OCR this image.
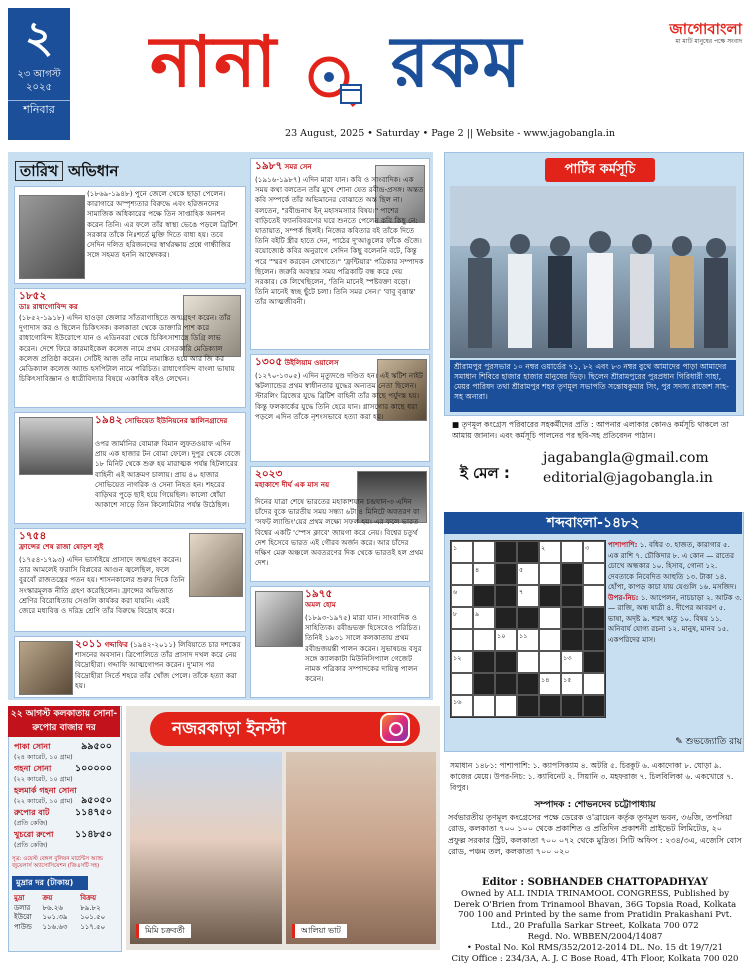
২
২৩ আগস্ট ২০২৫
শনিবার
নানা রকম	জাগোবাংলা
মা মাটি মানুষের পক্ষে সংবাদ
23 August, 2025 • Saturday • Page 2 || Website - www.jagobangla.in
তারিখ অভিধান

(১৮৬৯-১৯৪৮) পুনে জেলে থেকে ছাড়া পেলেন। কারাগারে অস্পৃশ্যতার বিরুদ্ধে এবং হরিজনদের সামাজিক অধিকারের পক্ষে তিন সাপ্তাহিক অনশন করেন তিনি। এর ফলে তাঁর স্বাস্থ্য ভেঙে পড়লে ব্রিটিশ সরকার তাঁকে নিঃশর্তে মুক্তি দিতে বাধ্য হয়। তবে সেদিন দলিত হরিজনদের স্বার্থরক্ষায় প্রশ্নে গান্ধীজির সঙ্গে সহমত হননি আম্বেদকর।

১৮৫২
ডাঃ রাধাগোবিন্দ কর

(১৮৫২-১৯১৮) এদিন হাওড়া জেলার সাঁতরাগাছিতে জন্মগ্রহণ করেন। তাঁর দুগাদাস কর ও ছিলেন চিকিৎসক। কলকাতা থেকে ডাক্তারি পাশ করে রাধাগোবিন্দ ইউরোপে যান ও এডিনবরা থেকে চিকিৎসাশাস্ত্রে ডিগ্রি লাভ করেন। দেশে ফিরে কারমাইকেল কলেজ নামে প্রথম বেসরকারি মেডিক্যাল কলেজ প্রতিষ্ঠা করেন। সেটিই আজ তাঁর নামে নামাঙ্কিত হয়ে আর জি কর মেডিক্যাল কলেজ অ্যান্ড হসপিটাল নামে পরিচিত। রাধাগোবিন্দ বাংলা ভাষায় চিকিৎসাবিজ্ঞান ও ধাত্রীবিদ্যার বিষয়ে একাধিক বইও লেখেন।

১৯৪২ সোভিয়েত ইউনিয়নের স্তালিনগ্রাদের

ওপর জার্মানির বোমারু বিমান লুফতওয়াফ এদিন প্রায় এক হাজার টন বোমা ফেলে। দুপুর থেকে বেজে ১৮ মিনিট থেকে শুরু হয় মারাত্মক পর্যন্ত হিটলারের বাহিনী এই আক্রমণ চালায়। প্রায় ৪০ হাজার সোভিয়েত নাগরিক ও সেনা নিহত হন। শহরের বাড়িঘর পুড়ে ছাই হয়ে গিয়েছিল। কালো ধোঁয়া আকাশে সাড়ে তিন কিলোমিটার পর্যন্ত উঠেছিল।

১৭৫৪
ফ্রান্সের শেষ রাজা ষোড়শ লুই

(১৭৫৪-১৭৯৩) এদিন ভার্সাইয়ে প্রাসাদে জন্মগ্রহণ করেন। তার আমলেই ফরাসি বিপ্লবের আগুন জ্বলেছিল, ফলে বুরবোঁ রাজতন্ত্রের পতন হয়। শাসনকালের শুরুর দিকে তিনি সংস্কারমূলক নীতি গ্রহণ করেছিলেন। ফ্রান্সের অভিজাত শ্রেণির বিরোধিতায় সেগুলি কার্যকর করা যায়নি। এরই জেরে মধ্যবিত্ত ও দরিদ্র শ্রেণি তাঁর বিরুদ্ধে বিদ্রোহ করে।

২০১১ গদ্দাফির (১৯৪২-২০১১) লিবিয়াতে চার দশকের শাসনের অবসান। ত্রিপোলিতে তাঁর প্রাসাদ দখল করে নেয় বিদ্রোহীরা। গদ্দাফি আত্মগোপন করেন। দু'মাস পর বিদ্রোহীরা সির্তে শহরে তাঁর খোঁজ পেলে। তাঁকে হত্যা করা হয়।

১৯৮৭ সমর সেন

(১৯১৬-১৯৮৭) এদিন মারা যান। কবি ও সাংবাদিক। এক সময় কথা বলতেন তাঁর মুখে শোনা যেত রবীন্দ্র-প্রসঙ্গ। অন্তত কবি সম্পর্কে তাঁর অভিমানের বোঝাতে অস্ত ছিল না। বলতেন, "রবীন্দ্রনাথ ইন্‌ মহাসমস্যার বিষয়।" পাশের বাড়িতেই ফ্যানবিবরণের ঘরে শুনতে পেলেন কবি কিছু নে: যাতায়াত, সম্পর্ক ছিলই। নিজের কবিতার বই তাঁকে দিতে তিনি বইটি স্ত্রীর হাতে দেন, পাঠের দু'আঙুলের ফাঁকে গুঁজে। বয়োজ্যেষ্ঠ কবির অনুরাগে সেদিন কিছু বলেননি বটে, কিন্তু পরে "স্মরণ করবেন লেখাতে।" 'ফ্রন্টিয়ার' পত্রিকার সম্পাদক ছিলেন। জরুরি অবস্থার সময় পত্রিকাটি বন্ধ করে দেয় সরকার। কে লিখেছিলেন, 'তিনি মানেই স্পষ্টবক্তা বড়ো। তিনি মানেই স্বচ্ছ ছুঁটে চলা। তিনি সমর সেন।' 'বাবু বৃত্তান্ত' তাঁর আত্মজীবনী।

১৩০৫ উইলিয়াম ওয়ালেস

(১২৭০-১৩০৫) এদিন মৃত্যুদণ্ডে দণ্ডিত হন। এই স্কটিশ নাইট স্কটল্যান্ডের প্রথম স্বাধীনতার যুদ্ধের অন্যতম নেতা ছিলেন। স্টারলিং ব্রিজের যুদ্ধে ব্রিটিশ বাহিনী তাঁর কাছে পর্যুদস্ত হয়। কিন্তু ফলকার্কের যুদ্ধে তিনি হেরে যান। গ্লাসগোর কাছে ধরা পড়লে এদিন তাঁকে নৃশংসভাবে হত্যা করা হয়।

২০২৩
মহাকাশে দীর্ঘ এক মাস নয়

দিনের যাত্রা শেষে ভারতের মহাকাশযান চন্দ্রযান-৩ এদিন চাঁদের বুকে ভারতীয় সময় সন্ধ্যা ৬টা ৪ মিনিটে অবতরণ বা 'সফট ল্যান্ডিং'য়ের প্রথম লক্ষ্যে সফল হয়। এর ফলে ভারত বিশ্বের একটি 'স্পেস ক্লাবে' জায়গা করে নেয়। বিশ্বের চতুর্থ দেশ হিসেবে ভারত এই গৌরব অর্জন করে। আর চাঁদের দক্ষিণ মেরু অঞ্চলে অবতরণের দিক থেকে ভারতই হল প্রথম দেশ।

১৯৭৫
অমল হোম

(১৮৯৩-১৯৭৫) মারা যান। সাংবাদিক ও সাহিত্যিক। রবীন্দ্রভক্ত হিসেবেও পরিচিত। তিনিই ১৯৩১ সালে কলকাতায় প্রথম রবীন্দ্রজয়ন্তী পালন করেন। সুভাষচন্দ্র বসুর সঙ্গে ক্যালকাটা মিউনিসিপ্যাল গেজেট নামক পত্রিকার সম্পাদকের দায়িত্ব পালন করেন।

পার্টির কর্মসূচি
শ্রীরামপুর পুরসভার ১০ নম্বর ওয়ার্ডের ৭১, ৮২ এবং ৮৩ নম্বর বুথে আমাদের পাড়া আমাদের সমাধান শিবিরে হাজার হাজার মানুষের ভিড়। ছিলেন শ্রীরামপুরের পুরপ্রধান গিরিধারী সাহা, মেয়র পারিষদ তথা শ্রীরামপুর শহর তৃণমূল সভাপতি সন্তোষকুমার সিং, পুর সদস্য রাজেশ সাহ-সহ অন্যরা।
■ তৃণমূল কংগ্রেস পরিবারের সহকর্মীদের প্রতি : আপনার এলাকার কোনও কর্মসূচি থাকলে তা আমায় জানান। এবং কর্মসূচি পালনের পর ছবি-সহ প্রতিবেদন পাঠান।
ই মেল :
jagabangla@gmail.com
editorial@jagobangla.in
শব্দবাংলা-১৪৮২
১	২	৩
৪	৫
৬	৭
৮	৯
১০	১১
১২	১৩
১৪	১৫
১৬
পাশাপাশি: ১. বধির ৩. হাজত, কারাগার ৫. এক রাশি ৭. চৌকিদার ৮. এ কোন — রাতের চোখে অন্ধকার ১০. হিসাব, গোনা ১২. দেবতাকে নিবেদিত আহুতি ১৩. টাকা ১৪. হোঁপা, কাপড় কাচা যায় যেগুলি ১৬. মসজিদ।
উপর-নিচ: ১. আপেলন, নাচচাড়া ২. আটক ৩. — রাজি, অন্ধ যাত্রী ৪. দীপের আবরণ ৫. ভাষা, অদৃষ্ট ৯. শরৎ ঋতু ১০. বিষয় ১১. অনিবার্য যোগ্য রচনা ১২. মানুষ, মানব ১৫. একপরিদের মাস।
✎ শুভজ্যোতি রায়
সমাধান ১৪৮১: পাশাপাশি: ১. ক্যাপসিক্যাম ৪. অটরি ৫. চিরকুট ৬. একাদোকা ৮. ঘোড়া ৯. কাজের মেয়ে। উপর-নিচ: ১. ক্যাবিনেট ২. সিয়ানি ৩. মহফরাজ ৭. চিলবিলিকা ৬. একখোরে ৭. বিপুর।
সম্পাদক : শোভনদেব চট্টোপাধ্যায়
সর্বভারতীয় তৃণমূল কংগ্রেসের পক্ষে ডেরেক ও'ব্রায়েন কর্তৃক তৃণমূল ভবন, ৩৬জি, তপসিয়া রোড, কলকাতা ৭০০ ১০০ থেকে প্রকাশিত ও প্রতিদিন প্রকাশনী প্রাইভেট লিমিটেড, ২০ প্রফুল্ল সরকার স্ট্রিট, কলকাতা ৭০০ ০৭২ থেকে মুদ্রিত। সিটি অফিস : ২৩৪/৩এ, এজেসি বোস রোড, পঞ্চম তল, কলকাতা ৭০০ ০২০
Editor : SOBHANDEB CHATTOPADHYAY
Owned by ALL INDIA TRINAMOOL CONGRESS, Published by Derek O'Brien from Trinamool Bhavan, 36G Topsia Road, Kolkata 700 100 and Printed by the same from Pratidin Prakashani Pvt. Ltd., 20 Prafulla Sarkar Street, Kolkata 700 072
Regd. No. WBBEN/2004/14087
• Postal No. Kol RMS/352/2012-2014 DL. No. 15 dt 19/7/21
City Office : 234/3A, A. J. C Bose Road, 4Th Floor, Kolkata 700 020
২২ আগস্ট কলকাতায় সোনা-রুপোর বাজার দর
পাকা সোনা
(২৪ ক্যারেট, ১০ গ্রাম)
৯৯৫০০
গহনা সোনা
(২২ ক্যারেট, ১০ গ্রাম)
১০০০০০
হলমার্ক গহনা সোনা
(২২ ক্যারেট, ১০ গ্রাম) ৯৫০৫০
রুপোর বাট
(প্রতি কেজি)
১১৪৭৫০
খুচরো রুপো
(প্রতি কেজি)
১১৪৮৫০
সূত্র: ওয়েস্ট বেঙ্গল বুলিয়ন মার্চেন্টস অ্যান্ড জুয়েলার্স অ্যাসোসিয়েশন (জিএসটি সহ)
মুদ্রার দর (টাকায়)
মুদ্রা	ক্রয়	বিক্রয়
ডলার	৮৬.২৬	৮৯.৮২
ইউরো	১০১.৩৯	১০১.৫০
পাউন্ড	১১৬.৬৩	১১৭.৫০
নজরকাড়া ইনস্টা
মিমি চক্রবর্তী	আলিয়া ভাট
